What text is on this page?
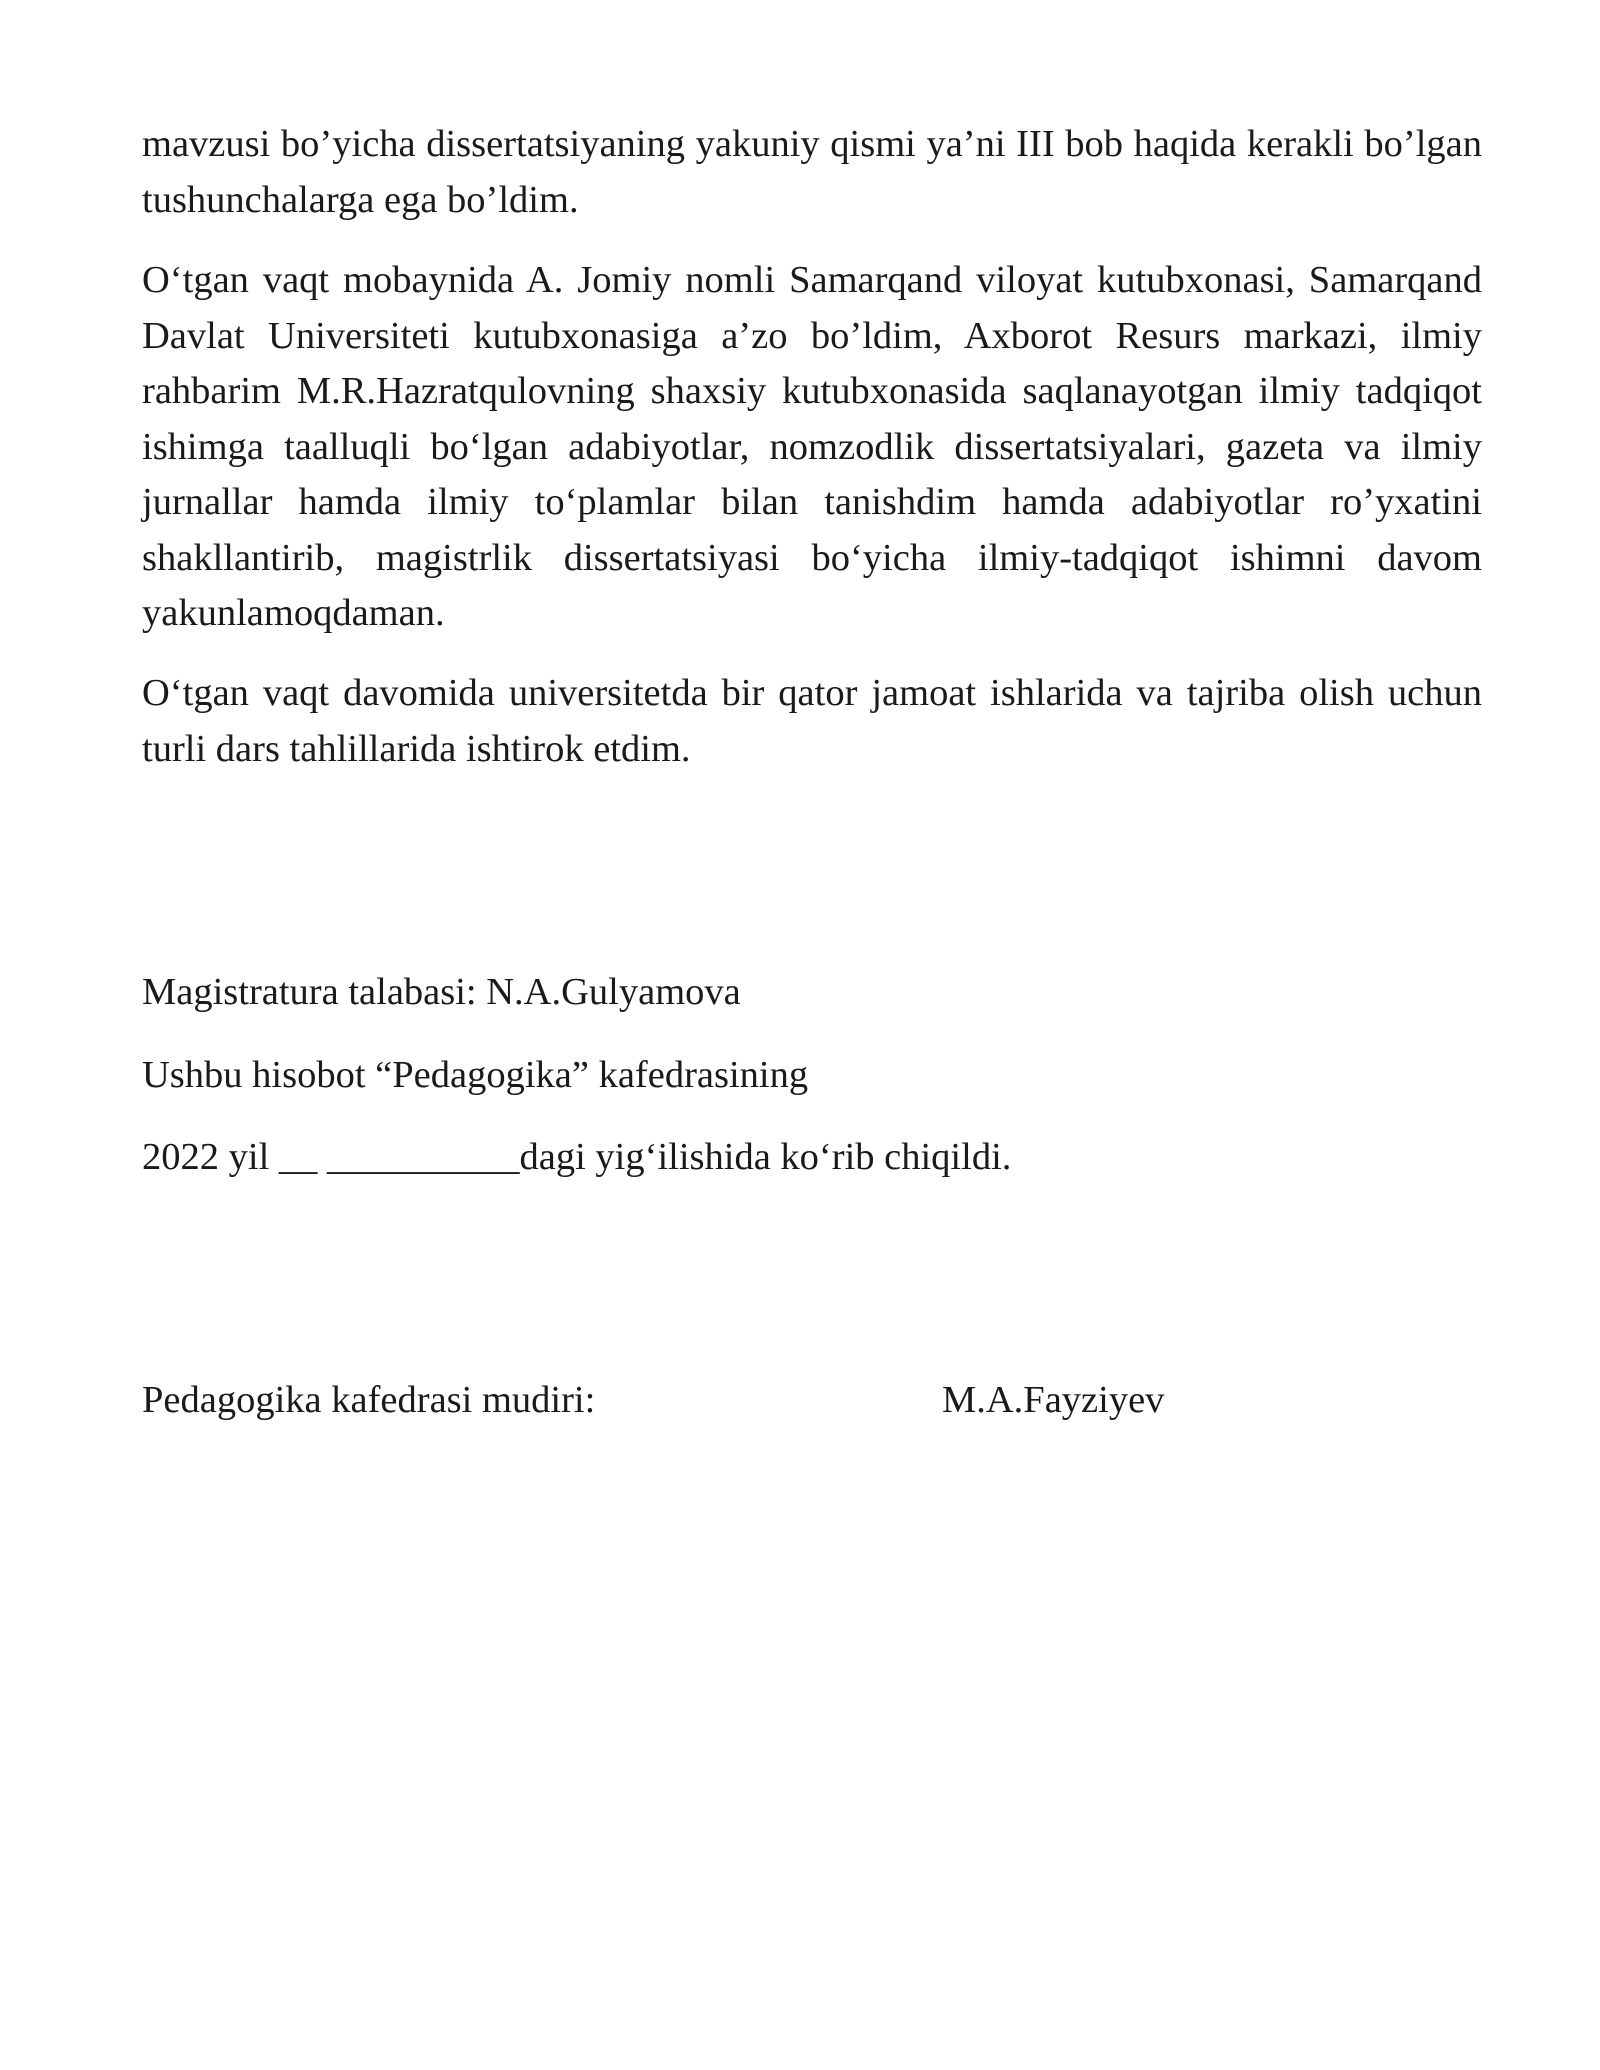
mavzusi bo’yicha dissertatsiyaning yakuniy qismi ya’ni III bob haqida kerakli bo’lgan tushunchalarga ega bo’ldim.

O‘tgan vaqt mobaynida A. Jomiy nomli Samarqand viloyat kutubxonasi, Samarqand Davlat Universiteti kutubxonasiga a’zo bo’ldim, Axborot Resurs markazi, ilmiy rahbarim M.R.Hazratqulovning shaxsiy kutubxonasida saqlanayotgan ilmiy tadqiqot ishimga taalluqli bo‘lgan adabiyotlar, nomzodlik dissertatsiyalari, gazeta va ilmiy jurnallar hamda ilmiy to‘plamlar bilan tanishdim hamda adabiyotlar ro’yxatini shakllantirib, magistrlik dissertatsiyasi bo‘yicha ilmiy-tadqiqot ishimni davom yakunlamoqdaman.

O‘tgan vaqt davomida universitetda bir qator jamoat ishlarida va tajriba olish uchun turli dars tahlillarida ishtirok etdim.

Magistratura talabasi: N.A.Gulyamova

Ushbu hisobot “Pedagogika” kafedrasining

2022 yil __ __________dagi yig‘ilishida ko‘rib chiqildi.

Pedagogika kafedrasi mudiri:	M.A.Fayziyev
